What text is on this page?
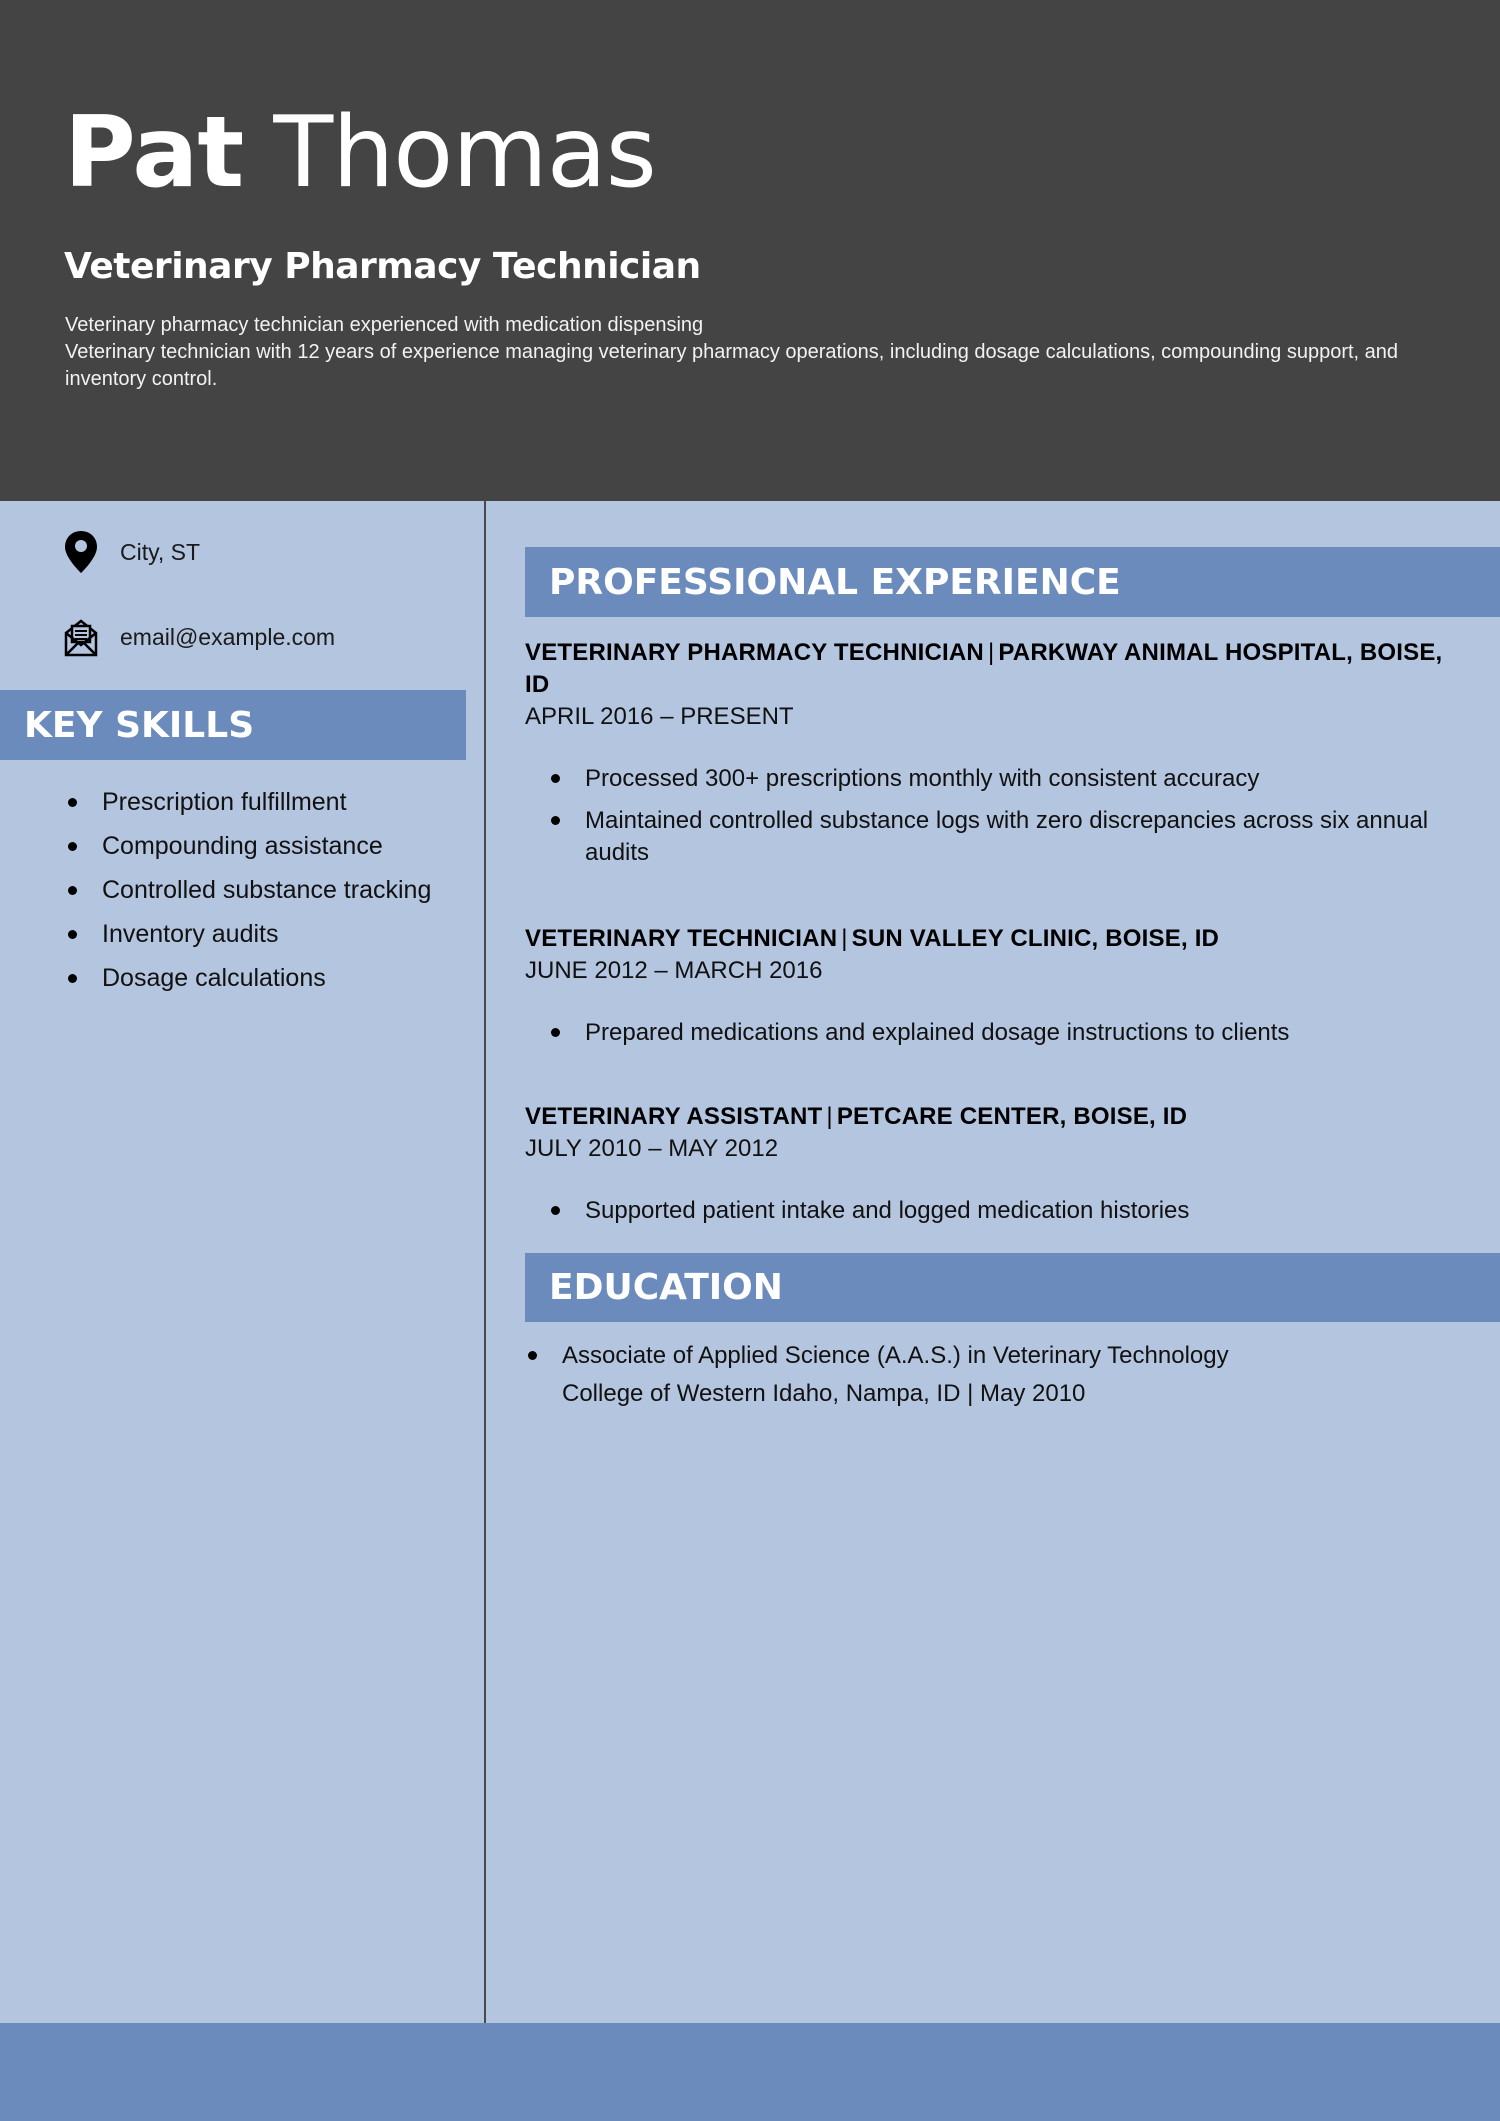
Pat Thomas
Veterinary Pharmacy Technician
Veterinary pharmacy technician experienced with medication dispensing
Veterinary technician with 12 years of experience managing veterinary pharmacy operations, including dosage calculations, compounding support, and inventory control.
City, ST
email@example.com
KEY SKILLS
Prescription fulfillment
Compounding assistance
Controlled substance tracking
Inventory audits
Dosage calculations
PROFESSIONAL EXPERIENCE
VETERINARY PHARMACY TECHNICIAN | PARKWAY ANIMAL HOSPITAL, BOISE, ID
APRIL 2016 – PRESENT
Processed 300+ prescriptions monthly with consistent accuracy
Maintained controlled substance logs with zero discrepancies across six annual audits
VETERINARY TECHNICIAN | SUN VALLEY CLINIC, BOISE, ID
JUNE 2012 – MARCH 2016
Prepared medications and explained dosage instructions to clients
VETERINARY ASSISTANT | PETCARE CENTER, BOISE, ID
JULY 2010 – MAY 2012
Supported patient intake and logged medication histories
EDUCATION
Associate of Applied Science (A.A.S.) in Veterinary Technology
College of Western Idaho, Nampa, ID | May 2010
